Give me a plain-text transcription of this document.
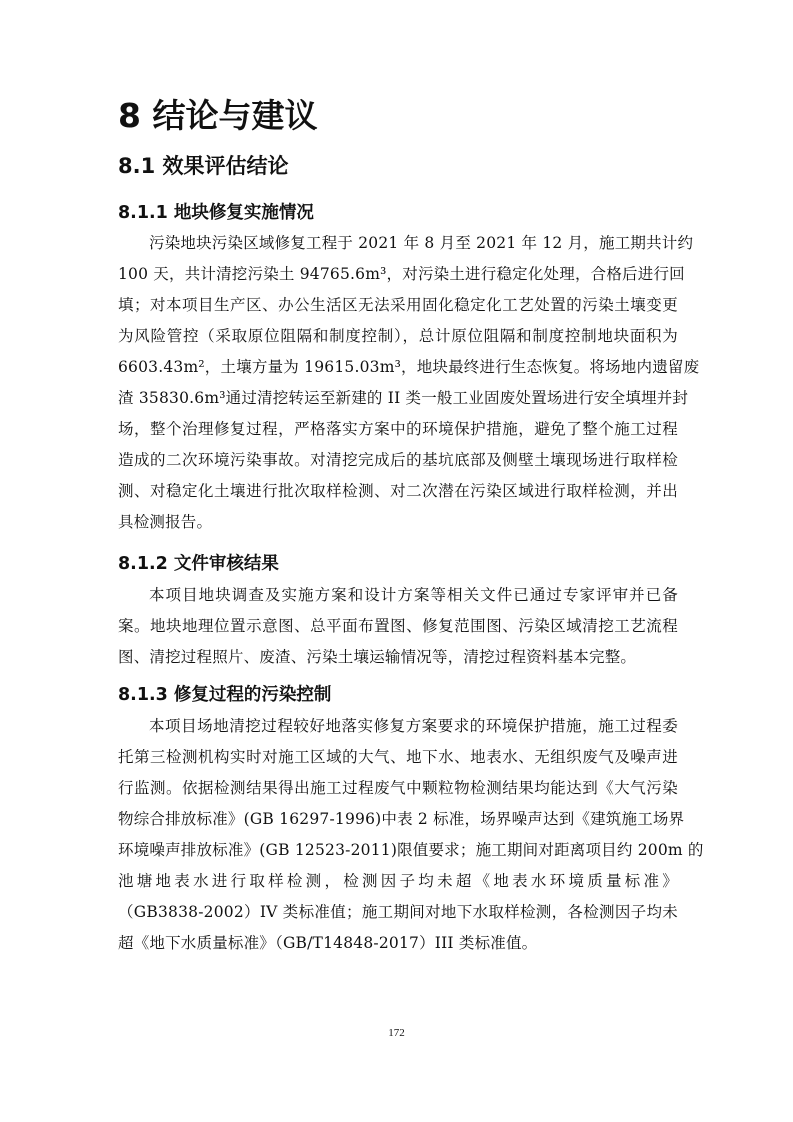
8 结论与建议
8.1 效果评估结论
8.1.1 地块修复实施情况
污染地块污染区域修复工程于 2021 年 8 月至 2021 年 12 月，施工期共计约
100 天，共计清挖污染土 94765.6m³，对污染土进行稳定化处理，合格后进行回
填；对本项目生产区、办公生活区无法采用固化稳定化工艺处置的污染土壤变更
为风险管控（采取原位阻隔和制度控制），总计原位阻隔和制度控制地块面积为
6603.43m²，土壤方量为 19615.03m³，地块最终进行生态恢复。将场地内遗留废
渣 35830.6m³通过清挖转运至新建的 II 类一般工业固废处置场进行安全填埋并封
场，整个治理修复过程，严格落实方案中的环境保护措施，避免了整个施工过程
造成的二次环境污染事故。对清挖完成后的基坑底部及侧壁土壤现场进行取样检
测、对稳定化土壤进行批次取样检测、对二次潜在污染区域进行取样检测，并出
具检测报告。
8.1.2 文件审核结果
本项目地块调查及实施方案和设计方案等相关文件已通过专家评审并已备
案。地块地理位置示意图、总平面布置图、修复范围图、污染区域清挖工艺流程
图、清挖过程照片、废渣、污染土壤运输情况等，清挖过程资料基本完整。
8.1.3 修复过程的污染控制
本项目场地清挖过程较好地落实修复方案要求的环境保护措施，施工过程委
托第三检测机构实时对施工区域的大气、地下水、地表水、无组织废气及噪声进
行监测。依据检测结果得出施工过程废气中颗粒物检测结果均能达到《大气污染
物综合排放标准》(GB 16297-1996)中表 2 标准，场界噪声达到《建筑施工场界
环境噪声排放标准》(GB 12523-2011)限值要求；施工期间对距离项目约 200m 的
池塘地表水进行取样检测，检测因子均未超《地表水环境质量标准》
（GB3838-2002）IV 类标准值；施工期间对地下水取样检测，各检测因子均未
超《地下水质量标准》（GB/T14848-2017）III 类标准值。
172
